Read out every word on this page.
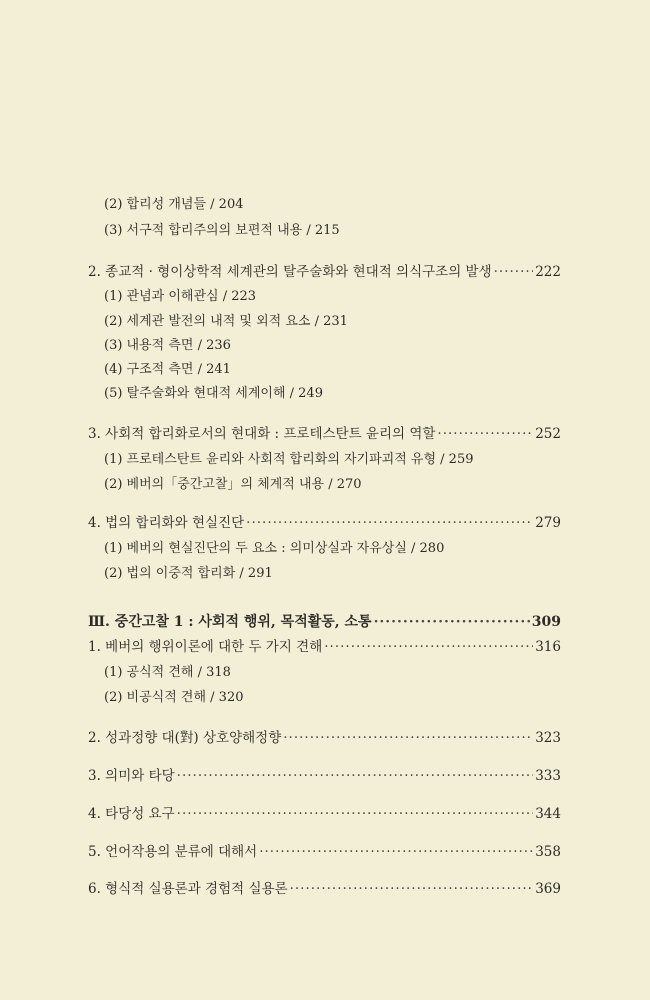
(2) 합리성 개념들 / 204
(3) 서구적 합리주의의 보편적 내용 / 215
2. 종교적 · 형이상학적 세계관의 탈주술화와 현대적 의식구조의 발생 ·····	222
(1) 관념과 이해관심 / 223
(2) 세계관 발전의 내적 및 외적 요소 / 231
(3) 내용적 측면 / 236
(4) 구조적 측면 / 241
(5) 탈주술화와 현대적 세계이해 / 249
3. 사회적 합리화로서의 현대화 : 프로테스탄트 윤리의 역할 ·····	252
(1) 프로테스탄트 윤리와 사회적 합리화의 자기파괴적 유형 / 259
(2) 베버의「중간고찰」의 체계적 내용 / 270
4. 법의 합리화와 현실진단 ·····	279
(1) 베버의 현실진단의 두 요소 : 의미상실과 자유상실 / 280
(2) 법의 이중적 합리화 / 291
Ⅲ. 중간고찰 1 : 사회적 행위, 목적활동, 소통 ·····	309
1. 베버의 행위이론에 대한 두 가지 견해 ·····	316
(1) 공식적 견해 / 318
(2) 비공식적 견해 / 320
2. 성과정향 대(對) 상호양해정향 ·····	323
3. 의미와 타당 ·····	333
4. 타당성 요구 ·····	344
5. 언어작용의 분류에 대해서 ·····	358
6. 형식적 실용론과 경험적 실용론 ·····	369
